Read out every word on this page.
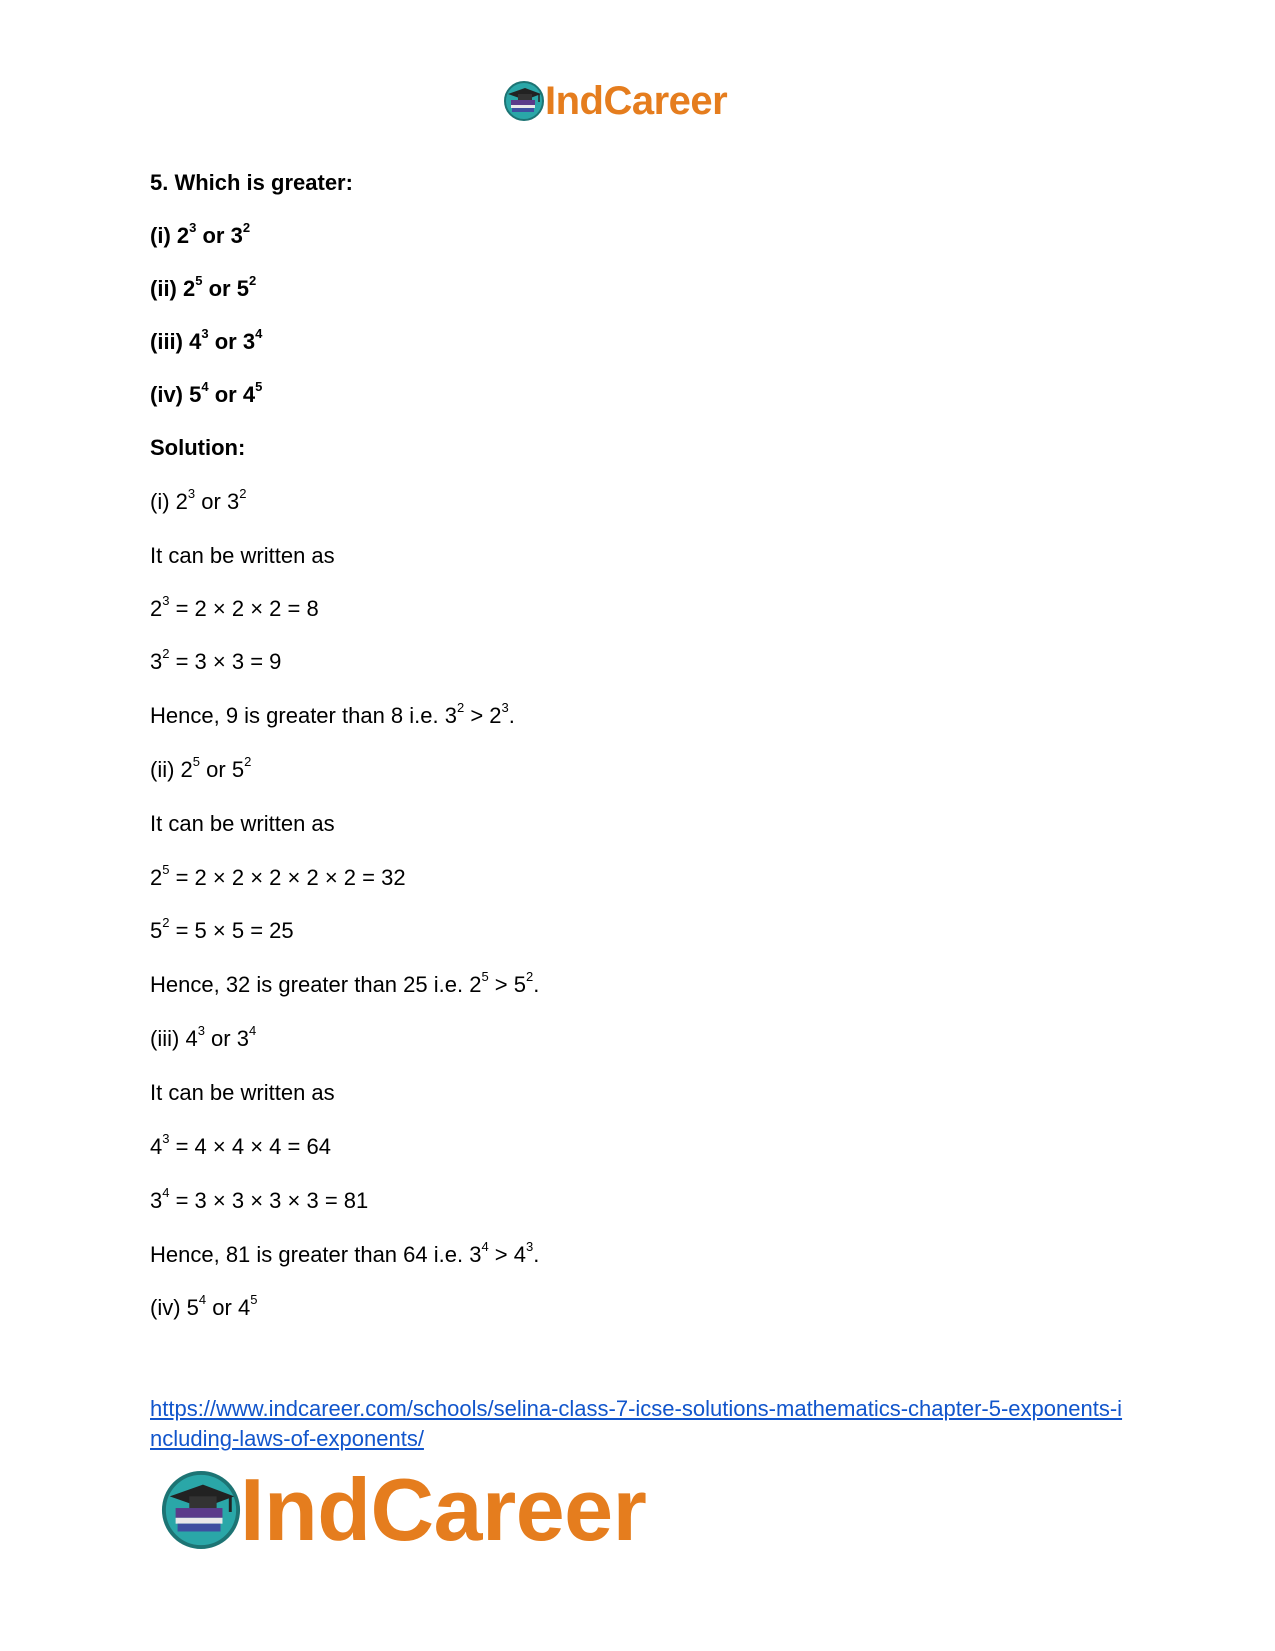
IndCareer
5. Which is greater:
(i) $2^3$ or $3^2$
(ii) $2^5$ or $5^2$
(iii) $4^3$ or $3^4$
(iv) $5^4$ or $4^5$
Solution:
(i) $2^3$ or $3^2$
It can be written as
$2^3 = 2 \times 2 \times 2 = 8$
$3^2 = 3 \times 3 = 9$
Hence, 9 is greater than 8 i.e. $3^2 > 2^3$.
(ii) $2^5$ or $5^2$
It can be written as
$2^5 = 2 \times 2 \times 2 \times 2 \times 2 = 32$
$5^2 = 5 \times 5 = 25$
Hence, 32 is greater than 25 i.e. $2^5 > 5^2$.
(iii) $4^3$ or $3^4$
It can be written as
$4^3 = 4 \times 4 \times 4 = 64$
$3^4 = 3 \times 3 \times 3 \times 3 = 81$
Hence, 81 is greater than 64 i.e. $3^4 > 4^3$.
(iv) $5^4$ or $4^5$
https://www.indcareer.com/schools/selina-class-7-icse-solutions-mathematics-chapter-5-exponents-including-laws-of-exponents/
IndCareer
